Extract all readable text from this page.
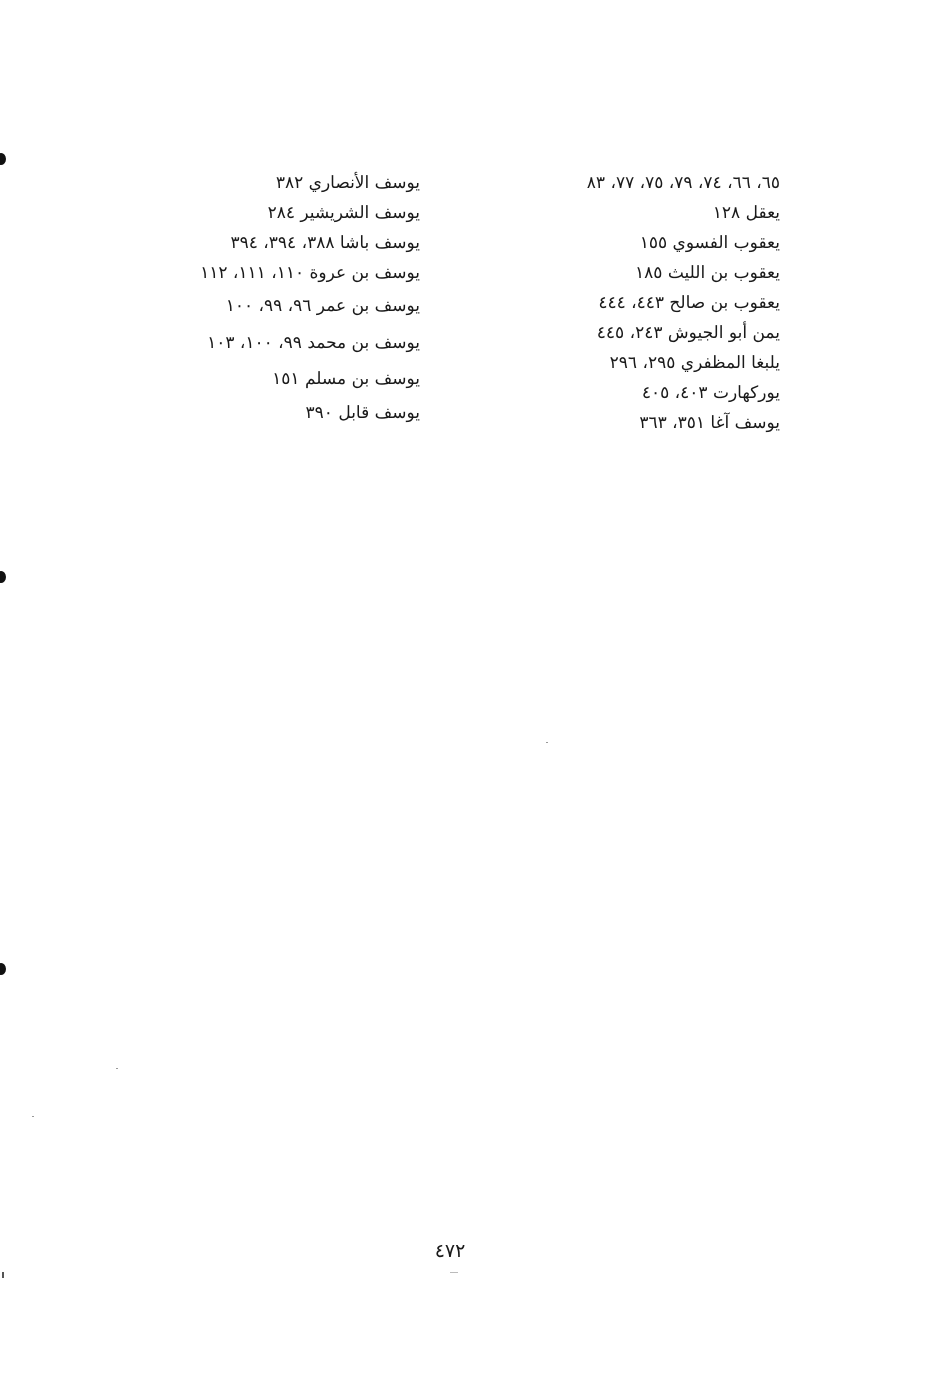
٦٥، ٦٦، ٧٤، ٧٩، ٧٥، ٧٧، ٨٣
يعقل ١٢٨
يعقوب الفسوي ١٥٥
يعقوب بن الليث ١٨٥
يعقوب بن صالح ٤٤٣، ٤٤٤
يمن أبو الجيوش ٢٤٣، ٤٤٥
يلبغا المظفري ٢٩٥، ٢٩٦
يوركهارت ٤٠٣، ٤٠٥
يوسف آغا ٣٥١، ٣٦٣
يوسف الأنصاري ٣٨٢
يوسف الشريشير ٢٨٤
يوسف باشا ٣٨٨، ٣٩٤، ٣٩٤
يوسف بن عروة ١١٠، ١١١، ١١٢
يوسف بن عمر ٩٦، ٩٩، ١٠٠
يوسف بن محمد ٩٩، ١٠٠، ١٠٣
يوسف بن مسلم ١٥١
يوسف قابل ٣٩٠
٤٧٢
